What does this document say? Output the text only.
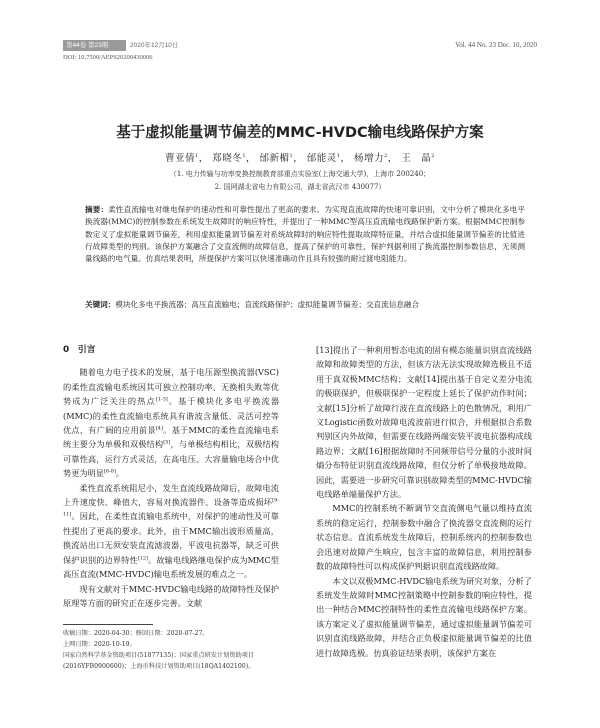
第44卷 第23期	2020年12月10日	Vol. 44 No. 23 Dec. 10, 2020
DOI: 10.7500/AEPS20200430006
基于虚拟能量调节偏差的MMC-HVDC输电线路保护方案
曹亚倩$^1$， 郑晓冬$^1$， 邰新楣$^1$， 邰能灵$^1$， 杨增力$^2$， 王　晶$^2$
（1. 电力传输与功率变换控制教育部重点实验室(上海交通大学)，上海市 200240；
2. 国网湖北省电力有限公司，湖北省武汉市 430077）
摘要：柔性直流输电对继电保护的速动性和可靠性提出了更高的要求。为实现直流故障的快速可靠识别，文中分析了模块化多电平换流器(MMC)的控制参数在系统发生故障时的响应特性，并提出了一种MMC型高压直流输电线路保护新方案。根据MMC控制参数定义了虚拟能量调节偏差，利用虚拟能量调节偏差对系统故障时的响应特性提取故障特征量，并结合虚拟能量调节偏差的比值进行故障类型的判别。该保护方案融合了交直流侧的故障信息，提高了保护的可靠性，保护判据利用了换流器控制参数信息，无须测量线路的电气量。仿真结果表明，所提保护方案可以快速准确动作且具有较强的耐过渡电阻能力。
关键词：模块化多电平换流器；高压直流输电；直流线路保护；虚拟能量调节偏差；交直流信息融合
0　引言

随着电力电子技术的发展，基于电压源型换流器(VSC)的柔性直流输电系统因其可独立控制功率、无换相失败等优势成为广泛关注的热点[1-3]。基于模块化多电平换流器(MMC)的柔性直流输电系统具有谐波含量低、灵活可控等优点，有广阔的应用前景[4]。基于MMC的柔性直流输电系统主要分为单极和双极结构[5]，与单极结构相比，双极结构可靠性高，运行方式灵活，在高电压、大容量输电场合中优势更为明显[6-8]。

柔性直流系统阻尼小，发生直流线路故障后，故障电流上升速度快、峰值大，容易对换流器件、设备等造成损坏[9-11]。因此，在柔性直流输电系统中，对保护的速动性及可靠性提出了更高的要求。此外，由于MMC输出波形质量高，换流站出口无须安装直流滤波器，平波电抗器等，缺乏可供保护识别的边界特性[12]。故输电线路继电保护成为MMC型高压直流(MMC-HVDC)输电系统发展的难点之一。

现有文献对于MMC-HVDC输电线路的故障特性及保护原理等方面的研究正在逐步完善。文献

[13]提出了一种利用暂态电流的固有模态能量识别直流线路故障和故障类型的方法，但该方法无法实现故障选极且不适用于真双极MMC结构；文献[14]提出基于自定义差分电流的极联保护，但极联保护一定程度上延长了保护动作时间；文献[15]分析了故障行波在直流线路上的色散情况，利用广义Logistic函数对故障电流波前进行拟合，并根据拟合系数判别区内外故障，但需要在线路两端安装平波电抗器构成线路边界；文献[16]根据故障时不同频带信号分量的小波时间熵分布特征识别直流线路故障，但仅分析了单极接地故障。因此，需要进一步研究可靠识别故障类型的MMC-HVDC输电线路单端量保护方法。

MMC的控制系统不断调节交直流侧电气量以维持直流系统的稳定运行，控制参数中融合了换流器交直流侧的运行状态信息。直流系统发生故障后，控制系统内的控制参数也会迅速对故障产生响应，包含丰富的故障信息，利用控制参数的故障特性可以构成保护判据识别直流线路故障。

本文以双极MMC-HVDC输电系统为研究对象，分析了系统发生故障时MMC控制策略中控制参数的响应特性，提出一种结合MMC控制特性的柔性直流输电线路保护方案。该方案定义了虚拟能量调节偏差，通过虚拟能量调节偏差可识别直流线路故障，并结合正负极虚拟能量调节偏差的比值进行故障选极。仿真验证结果表明，该保护方案在

收稿日期：2020-04-30；修回日期：2020-07-27。
上网日期：2020-10-19。
国家自然科学基金资助项目(51877135)；国家重点研发计划资助项目(2016YFB0900600)；上海市科技计划资助项目(18QA1402100)。
